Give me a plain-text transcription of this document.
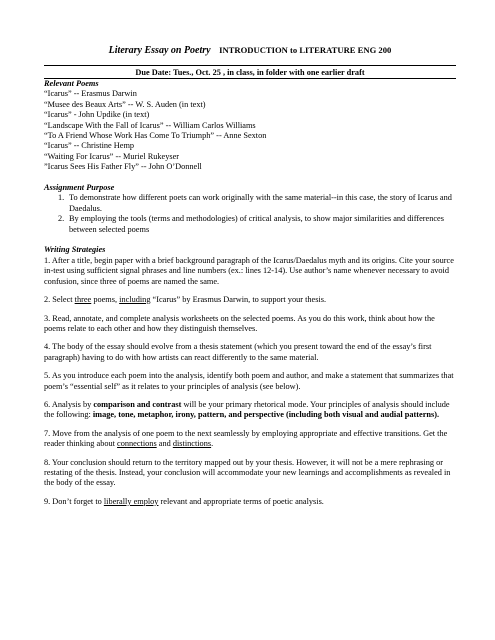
Literary Essay on Poetry INTRODUCTION to LITERATURE ENG 200
Due Date: Tues., Oct. 25 , in class, in folder with one earlier draft
Relevant Poems
“Icarus” -- Erasmus Darwin
“Musee des Beaux Arts” -- W. S. Auden (in text)
“Icarus” - John Updike (in text)
“Landscape With the Fall of Icarus” -- William Carlos Williams
“To A Friend Whose Work Has Come To Triumph” -- Anne Sexton
“Icarus” -- Christine Hemp
“Waiting For Icarus” -- Muriel Rukeyser
”Icarus Sees His Father Fly” -- John O’Donnell
Assignment Purpose
1. To demonstrate how different poets can work originally with the same material--in this case, the story of Icarus and Daedalus.
2. By employing the tools (terms and methodologies) of critical analysis, to show major similarities and differences between selected poems
Writing Strategies

1. After a title, begin paper with a brief background paragraph of the Icarus/Daedalus myth and its origins. Cite your source in-test using sufficient signal phrases and line numbers (ex.: lines 12-14). Use author’s name whenever necessary to avoid confusion, since three of poems are named the same.

2. Select three poems, including “Icarus” by Erasmus Darwin, to support your thesis.

3. Read, annotate, and complete analysis worksheets on the selected poems. As you do this work, think about how the poems relate to each other and how they distinguish themselves.

4. The body of the essay should evolve from a thesis statement (which you present toward the end of the essay’s first paragraph) having to do with how artists can react differently to the same material.

5. As you introduce each poem into the analysis, identify both poem and author, and make a statement that summarizes that poem’s “essential self” as it relates to your principles of analysis (see below).

6. Analysis by comparison and contrast will be your primary rhetorical mode. Your principles of analysis should include the following: image, tone, metaphor, irony, pattern, and perspective (including both visual and audial patterns).

7. Move from the analysis of one poem to the next seamlessly by employing appropriate and effective transitions. Get the reader thinking about connections and distinctions.

8. Your conclusion should return to the territory mapped out by your thesis. However, it will not be a mere rephrasing or restating of the thesis. Instead, your conclusion will accommodate your new learnings and accomplishments as revealed in the body of the essay.

9. Don’t forget to liberally employ relevant and appropriate terms of poetic analysis.
